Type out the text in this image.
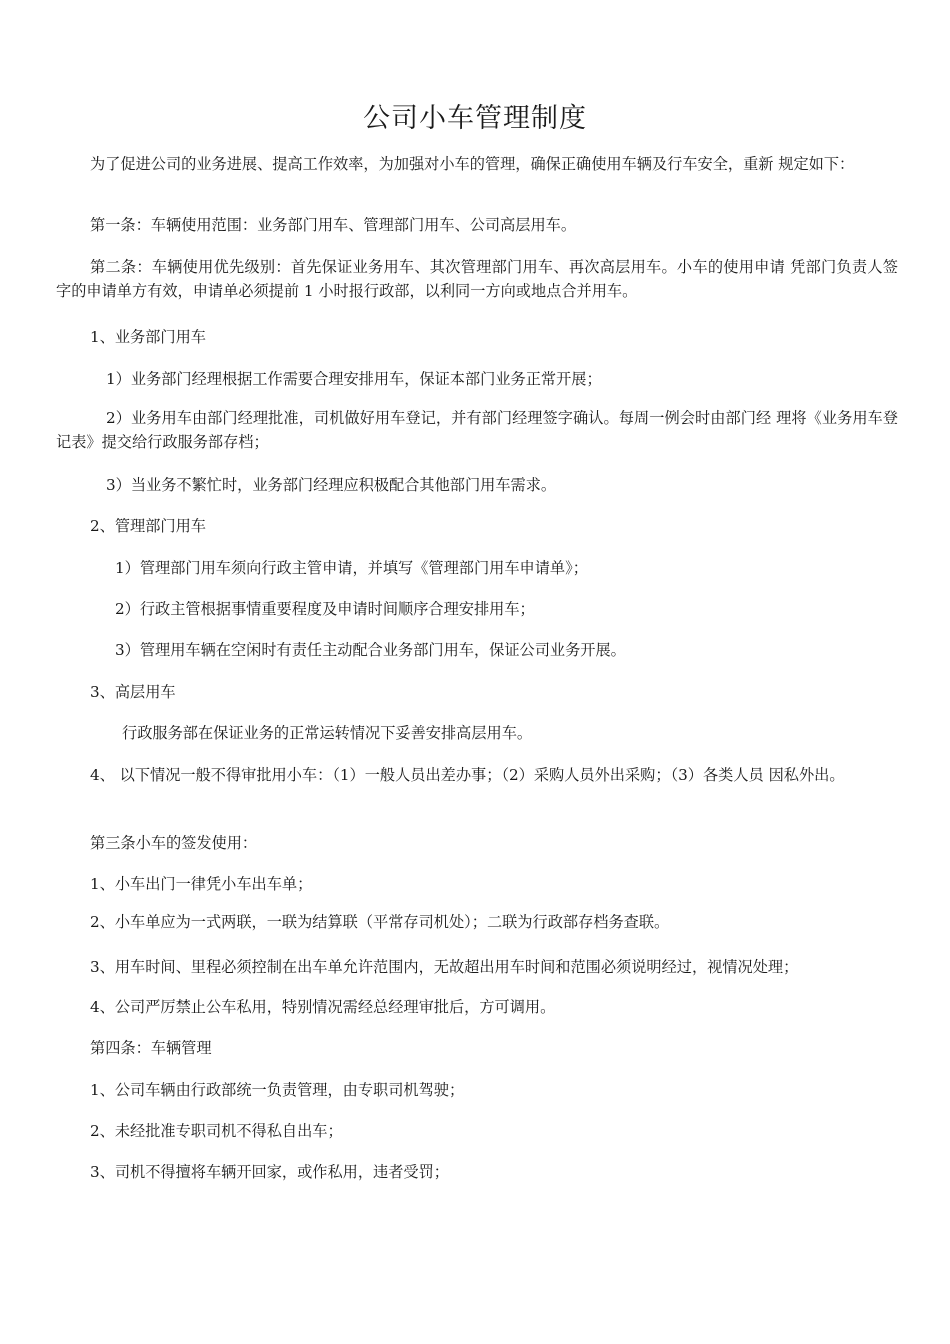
公司小车管理制度

为了促进公司的业务进展、提高工作效率，为加强对小车的管理，确保正确使用车辆及行车安全，重新 规定如下：

第一条：车辆使用范围：业务部门用车、管理部门用车、公司高层用车。

第二条：车辆使用优先级别：首先保证业务用车、其次管理部门用车、再次高层用车。小车的使用申请 凭部门负责人签字的申请单方有效，申请单必须提前 1 小时报行政部，以利同一方向或地点合并用车。

1、业务部门用车

1）业务部门经理根据工作需要合理安排用车，保证本部门业务正常开展；

2）业务用车由部门经理批准，司机做好用车登记，并有部门经理签字确认。每周一例会时由部门经 理将《业务用车登记表》提交给行政服务部存档；

3）当业务不繁忙时，业务部门经理应积极配合其他部门用车需求。

2、管理部门用车

1）管理部门用车须向行政主管申请，并填写《管理部门用车申请单》；

2）行政主管根据事情重要程度及申请时间顺序合理安排用车；

3）管理用车辆在空闲时有责任主动配合业务部门用车，保证公司业务开展。

3、高层用车

行政服务部在保证业务的正常运转情况下妥善安排高层用车。

4、 以下情况一般不得审批用小车：（1）一般人员出差办事；（2）采购人员外出采购；（3）各类人员 因私外出。

第三条小车的签发使用：

1、小车出门一律凭小车出车单；

2、小车单应为一式两联，一联为结算联（平常存司机处）；二联为行政部存档务查联。

3、用车时间、里程必须控制在出车单允许范围内，无故超出用车时间和范围必须说明经过，视情况处理；

4、公司严厉禁止公车私用，特别情况需经总经理审批后，方可调用。

第四条：车辆管理

1、公司车辆由行政部统一负责管理，由专职司机驾驶；

2、未经批准专职司机不得私自出车；

3、司机不得擅将车辆开回家，或作私用，违者受罚；
